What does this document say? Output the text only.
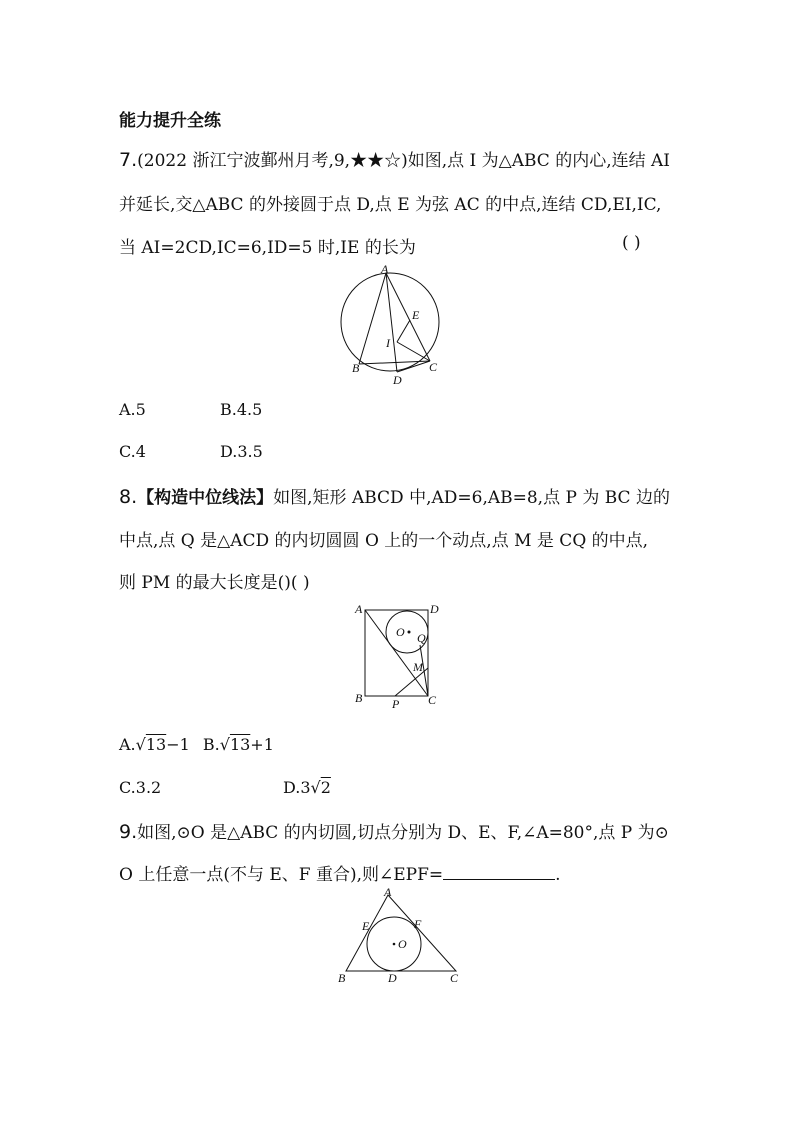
能力提升全练
7.(2022 浙江宁波鄞州月考,9,★★☆)如图,点 I 为△ABC 的内心,连结 AI
并延长,交△ABC 的外接圆于点 D,点 E 为弦 AC 的中点,连结 CD,EI,IC,
当 AI=2CD,IC=6,ID=5 时,IE 的长为	( )
A
B	C
D
E
I
A.5	B.4.5
C.4	D.3.5
8.【构造中位线法】如图,矩形 ABCD 中,AD=6,AB=8,点 P 为 BC 边的
中点,点 Q 是△ACD 的内切圆圆 O 上的一个动点,点 M 是 CQ 的中点,
则 PM 的最大长度是()( )
A	D
B	C
O Q
M
P
A.√13−1 B.√13+1
C.3.2	D.3√2
9.如图,⊙O 是△ABC 的内切圆,切点分别为 D、E、F,∠A=80°,点 P 为⊙
O 上任意一点(不与 E、F 重合),则∠EPF=	.
A
B	C
D
E	F
O
